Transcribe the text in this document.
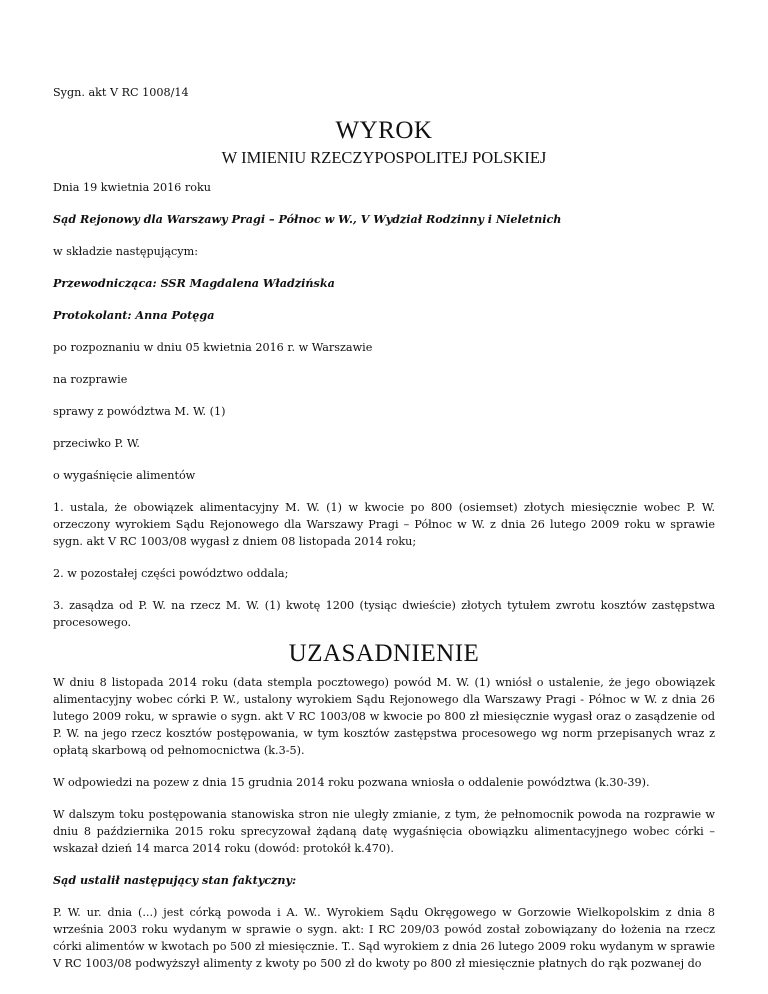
Sygn. akt V RC 1008/14

WYROK

W IMIENIU RZECZYPOSPOLITEJ POLSKIEJ

Dnia 19 kwietnia 2016 roku

Sąd Rejonowy dla Warszawy Pragi – Północ w W., V Wydział Rodzinny i Nieletnich

w składzie następującym:

Przewodnicząca: SSR Magdalena Władzińska

Protokolant: Anna Potęga

po rozpoznaniu w dniu 05 kwietnia 2016 r. w Warszawie

na rozprawie

sprawy z powództwa M. W. (1)

przeciwko P. W.

o wygaśnięcie alimentów

1. ustala, że obowiązek alimentacyjny M. W. (1) w kwocie po 800 (osiemset) złotych miesięcznie wobec P. W. orzeczony wyrokiem Sądu Rejonowego dla Warszawy Pragi – Północ w W. z dnia 26 lutego 2009 roku w sprawie sygn. akt V RC 1003/08 wygasł z dniem 08 listopada 2014 roku;

2. w pozostałej części powództwo oddala;

3. zasądza od P. W. na rzecz M. W. (1) kwotę 1200 (tysiąc dwieście) złotych tytułem zwrotu kosztów zastępstwa procesowego.

UZASADNIENIE

W dniu 8 listopada 2014 roku (data stempla pocztowego) powód M. W. (1) wniósł o ustalenie, że jego obowiązek alimentacyjny wobec córki P. W., ustalony wyrokiem Sądu Rejonowego dla Warszawy Pragi - Północ w W. z dnia 26 lutego 2009 roku, w sprawie o sygn. akt V RC 1003/08 w kwocie po 800 zł miesięcznie wygasł oraz o zasądzenie od P. W. na jego rzecz kosztów postępowania, w tym kosztów zastępstwa procesowego wg norm przepisanych wraz z opłatą skarbową od pełnomocnictwa (k.3-5).

W odpowiedzi na pozew z dnia 15 grudnia 2014 roku pozwana wniosła o oddalenie powództwa (k.30-39).

W dalszym toku postępowania stanowiska stron nie uległy zmianie, z tym, że pełnomocnik powoda na rozprawie w dniu 8 października 2015 roku sprecyzował żądaną datę wygaśnięcia obowiązku alimentacyjnego wobec córki – wskazał dzień 14 marca 2014 roku (dowód: protokół k.470).

Sąd ustalił następujący stan faktyczny:

P. W. ur. dnia (...) jest córką powoda i A. W.. Wyrokiem Sądu Okręgowego w Gorzowie Wielkopolskim z dnia 8 września 2003 roku wydanym w sprawie o sygn. akt: I RC 209/03 powód został zobowiązany do łożenia na rzecz córki alimentów w kwotach po 500 zł miesięcznie. T.. Sąd wyrokiem z dnia 26 lutego 2009 roku wydanym w sprawie V RC 1003/08 podwyższył alimenty z kwoty po 500 zł do kwoty po 800 zł miesięcznie płatnych do rąk pozwanej do
